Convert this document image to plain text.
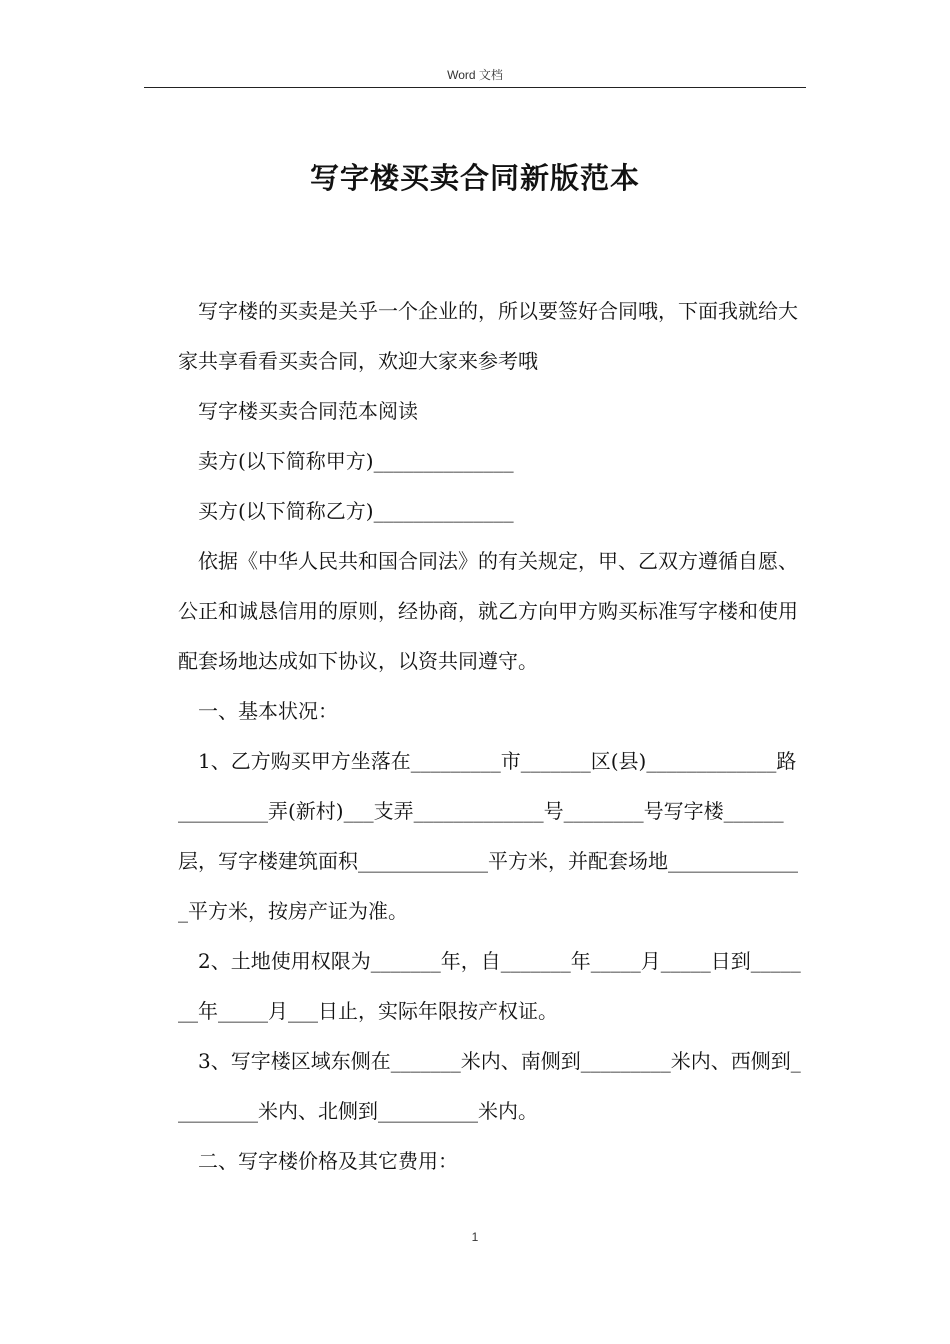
Word 文档
写字楼买卖合同新版范本

写字楼的买卖是关乎一个企业的，所以要签好合同哦，下面我就给大家共享看看买卖合同，欢迎大家来参考哦

写字楼买卖合同范本阅读

卖方(以下简称甲方)______________

买方(以下简称乙方)______________

依据《中华人民共和国合同法》的有关规定，甲、乙双方遵循自愿、公正和诚恳信用的原则，经协商，就乙方向甲方购买标准写字楼和使用配套场地达成如下协议，以资共同遵守。

一、基本状况：

1、乙方购买甲方坐落在_________市_______区(县)_____________路_________弄(新村)___支弄_____________号________号写字楼______层，写字楼建筑面积_____________平方米，并配套场地______________平方米，按房产证为准。

2、土地使用权限为_______年，自_______年_____月_____日到_______年_____月___日止，实际年限按产权证。

3、写字楼区域东侧在_______米内、南侧到_________米内、西侧到_________米内、北侧到__________米内。

二、写字楼价格及其它费用：

1
